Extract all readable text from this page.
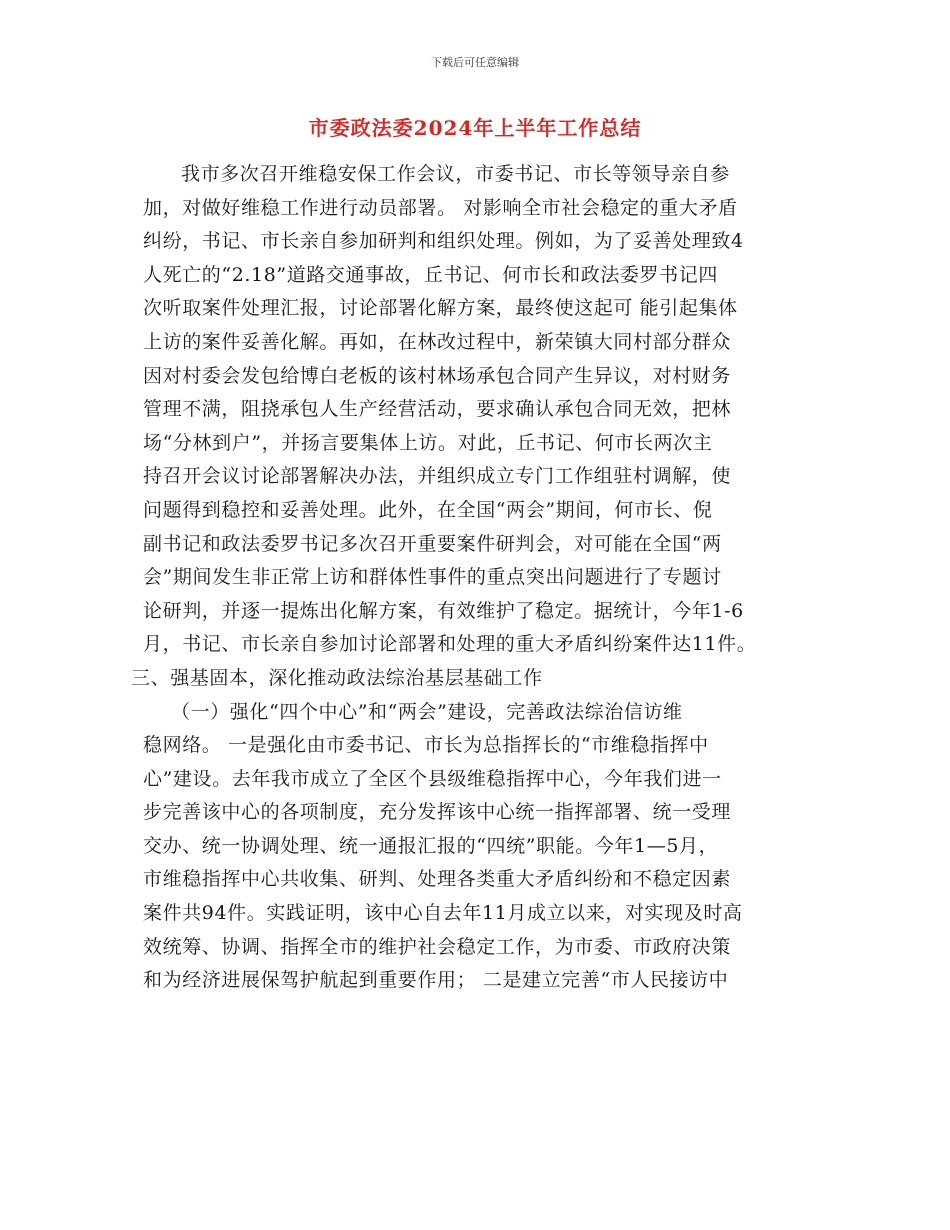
下载后可任意编辑
市委政法委2024年上半年工作总结
我市多次召开维稳安保工作会议，市委书记、市长等领导亲自参
加，对做好维稳工作进行动员部署。 对影响全市社会稳定的重大矛盾
纠纷，书记、市长亲自参加研判和组织处理。例如，为了妥善处理致4
人死亡的“2.18”道路交通事故，丘书记、何市长和政法委罗书记四
次听取案件处理汇报，讨论部署化解方案，最终使这起可 能引起集体
上访的案件妥善化解。再如，在林改过程中，新荣镇大同村部分群众
因对村委会发包给博白老板的该村林场承包合同产生异议，对村财务
管理不满，阻挠承包人生产经营活动，要求确认承包合同无效，把林
场“分林到户”，并扬言要集体上访。对此，丘书记、何市长两次主
持召开会议讨论部署解决办法，并组织成立专门工作组驻村调解，使
问题得到稳控和妥善处理。此外，在全国“两会”期间，何市长、倪
副书记和政法委罗书记多次召开重要案件研判会，对可能在全国“两
会”期间发生非正常上访和群体性事件的重点突出问题进行了专题讨
论研判，并逐一提炼出化解方案，有效维护了稳定。据统计，今年1-6
月，书记、市长亲自参加讨论部署和处理的重大矛盾纠纷案件达11件。
三、强基固本，深化推动政法综治基层基础工作
（一）强化“四个中心”和“两会”建设，完善政法综治信访维
稳网络。 一是强化由市委书记、市长为总指挥长的“市维稳指挥中
心”建设。去年我市成立了全区个县级维稳指挥中心，今年我们进一
步完善该中心的各项制度，充分发挥该中心统一指挥部署、统一受理
交办、统一协调处理、统一通报汇报的“四统”职能。今年1—5月，
市维稳指挥中心共收集、研判、处理各类重大矛盾纠纷和不稳定因素
案件共94件。实践证明，该中心自去年11月成立以来，对实现及时高
效统筹、协调、指挥全市的维护社会稳定工作，为市委、市政府决策
和为经济进展保驾护航起到重要作用； 二是建立完善“市人民接访中
